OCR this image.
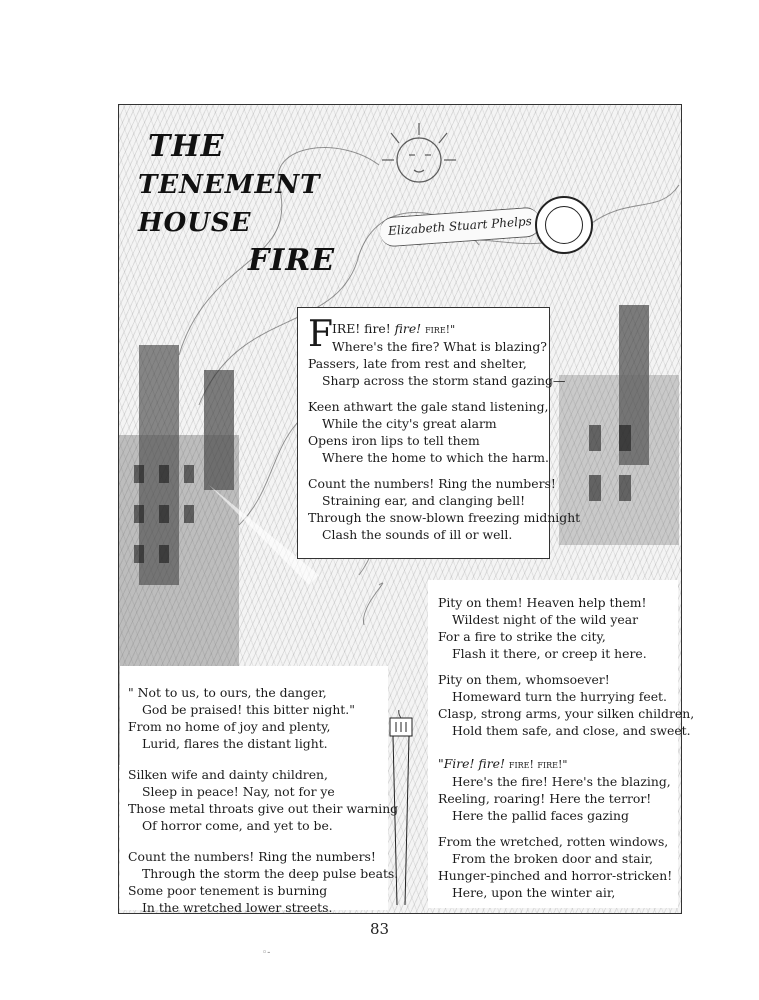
THE
TENEMENT HOUSE
FIRE
Elizabeth Stuart Phelps
F IRE! fire! fire! fire!"
Where's the fire? What is blazing?
Passers, late from rest and shelter,
Sharp across the storm stand gazing—
Keen athwart the gale stand listening,
While the city's great alarm
Opens iron lips to tell them
Where the home to which the harm.
Count the numbers! Ring the numbers!
Straining ear, and clanging bell!
Through the snow-blown freezing midnight
Clash the sounds of ill or well.
Pity on them! Heaven help them!
Wildest night of the wild year
For a fire to strike the city,
Flash it there, or creep it here.
Pity on them, whomsoever!
Homeward turn the hurrying feet.
Clasp, strong arms, your silken children,
Hold them safe, and close, and sweet.
"Fire! fire! fire! fire!"
Here's the fire! Here's the blazing,
Reeling, roaring! Here the terror!
Here the pallid faces gazing
From the wretched, rotten windows,
From the broken door and stair,
Hunger-pinched and horror-stricken!
Here, upon the winter air,
" Not to us, to ours, the danger,
God be praised! this bitter night."
From no home of joy and plenty,
Lurid, flares the distant light.
Silken wife and dainty children,
Sleep in peace! Nay, not for ye
Those metal throats give out their warning
Of horror come, and yet to be.
Count the numbers! Ring the numbers!
Through the storm the deep pulse beats.
Some poor tenement is burning
In the wretched lower streets.
83
◦-
